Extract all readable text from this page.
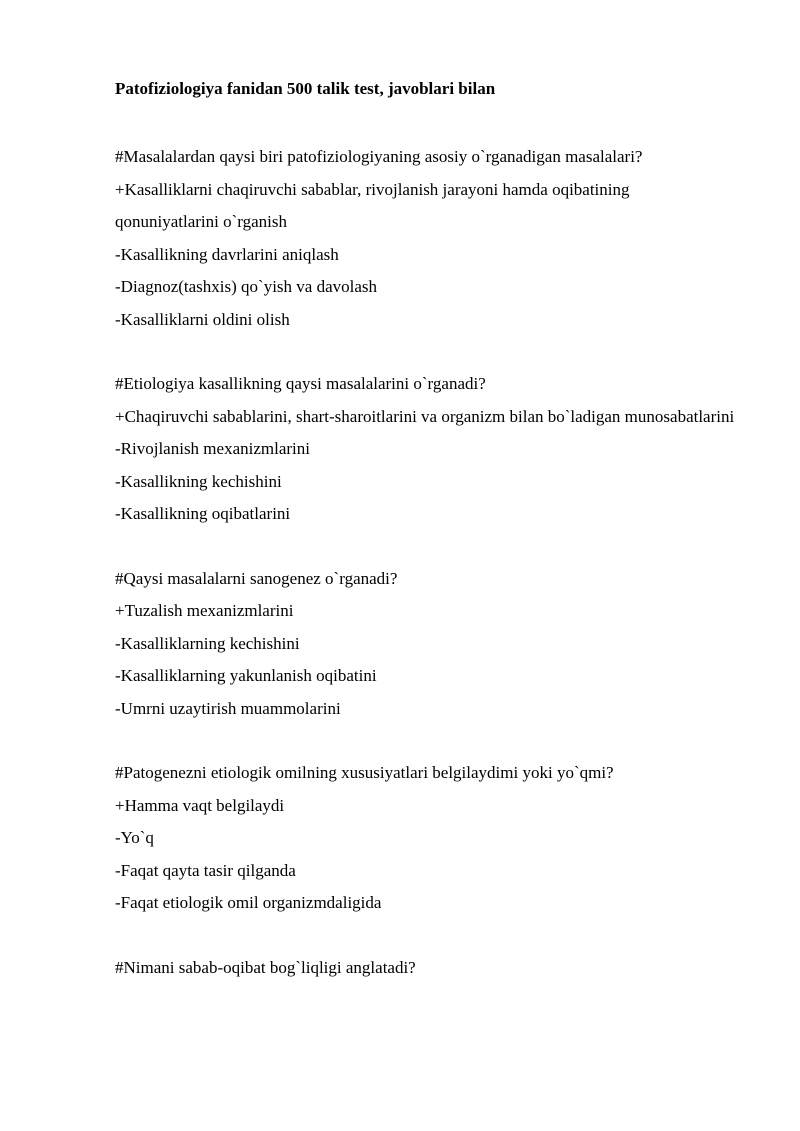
Patofiziologiya fanidan 500 talik test, javoblari bilan

#Masalalardan qaysi biri patofiziologiyaning asosiy o`rganadigan masalalari?

+Kasalliklarni chaqiruvchi sabablar, rivojlanish jarayoni hamda oqibatining qonuniyatlarini o`rganish

-Kasallikning davrlarini aniqlash

-Diagnoz(tashxis) qo`yish va davolash

-Kasalliklarni oldini olish

#Etiologiya kasallikning qaysi masalalarini o`rganadi?

+Chaqiruvchi sabablarini, shart-sharoitlarini va organizm bilan bo`ladigan munosabatlarini

-Rivojlanish mexanizmlarini

-Kasallikning kechishini

-Kasallikning oqibatlarini

#Qaysi masalalarni sanogenez o`rganadi?

+Tuzalish mexanizmlarini

-Kasalliklarning kechishini

-Kasalliklarning yakunlanish oqibatini

-Umrni uzaytirish muammolarini

#Patogenezni etiologik omilning xususiyatlari belgilaydimi yoki yo`qmi?

+Hamma vaqt belgilaydi

-Yo`q

-Faqat qayta tasir qilganda

-Faqat etiologik omil organizmdaligida

#Nimani sabab-oqibat bog`liqligi anglatadi?
